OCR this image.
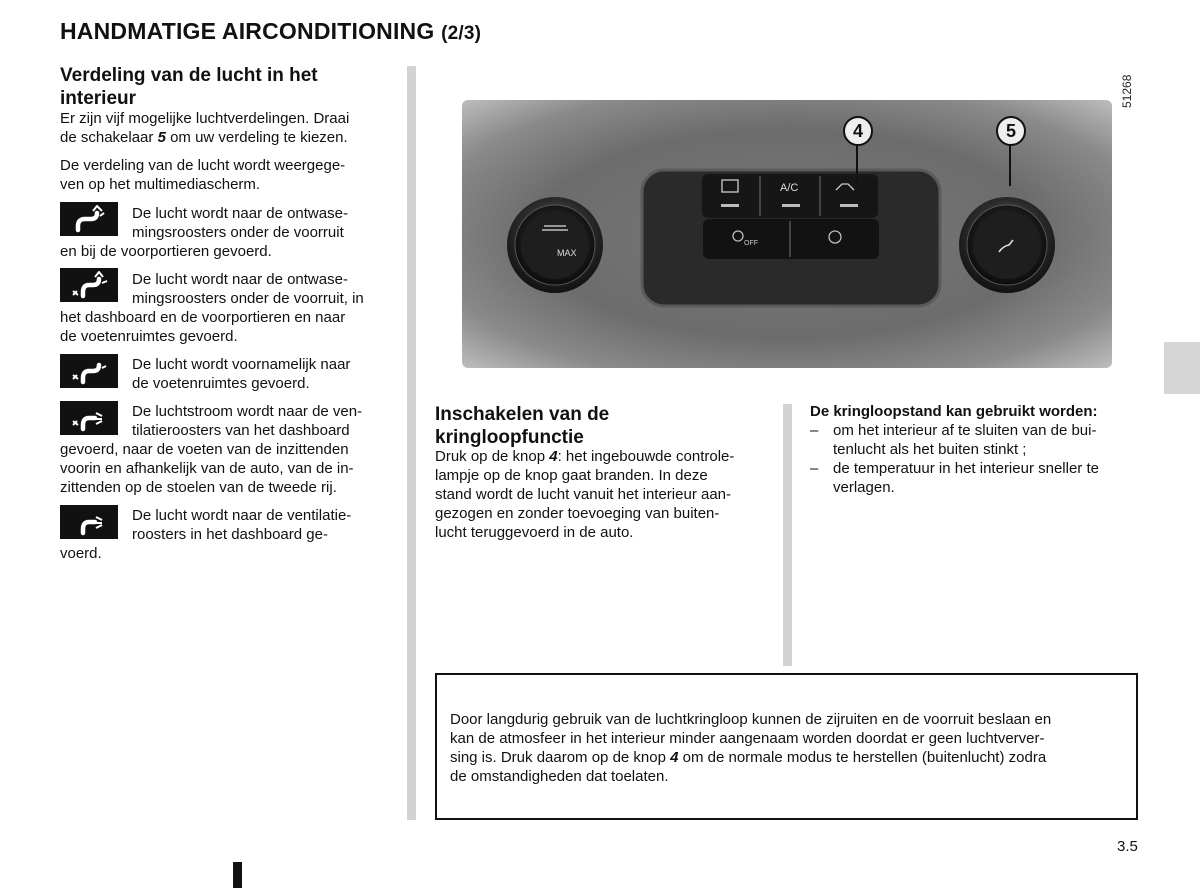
HANDMATIGE AIRCONDITIONING (2/3)
Verdeling van de lucht in het
interieur
Er zijn vijf mogelijke luchtverdelingen. Draai
de schakelaar 5 om uw verdeling te kiezen.
De verdeling van de lucht wordt weergege-
ven op het multimediascherm.
De lucht wordt naar de ontwase-
mingsroosters onder de voorruit
en bij de voorportieren gevoerd.
De lucht wordt naar de ontwase-
mingsroosters onder de voorruit, in
het dashboard en de voorportieren en naar
de voetenruimtes gevoerd.
De lucht wordt voornamelijk naar
de voetenruimtes gevoerd.
De luchtstroom wordt naar de ven-
tilatieroosters van het dashboard
gevoerd, naar de voeten van de inzittenden
voorin en afhankelijk van de auto, van de in-
zittenden op de stoelen van de tweede rij.
De lucht wordt naar de ventilatie-
roosters in het dashboard ge-
voerd.
51268
A/C
MAX
OFF
4	5
Inschakelen van de
kringloopfunctie
Druk op de knop 4: het ingebouwde controle-
lampje op de knop gaat branden. In deze
stand wordt de lucht vanuit het interieur aan-
gezogen en zonder toevoeging van buiten-
lucht teruggevoerd in de auto.
De kringloopstand kan gebruikt worden:
– om het interieur af te sluiten van de bui-
tenlucht als het buiten stinkt ;
– de temperatuur in het interieur sneller te
verlagen.
Door langdurig gebruik van de luchtkringloop kunnen de zijruiten en de voorruit beslaan en
kan de atmosfeer in het interieur minder aangenaam worden doordat er geen luchtverver-
sing is. Druk daarom op de knop 4 om de normale modus te herstellen (buitenlucht) zodra
de omstandigheden dat toelaten.
3.5
